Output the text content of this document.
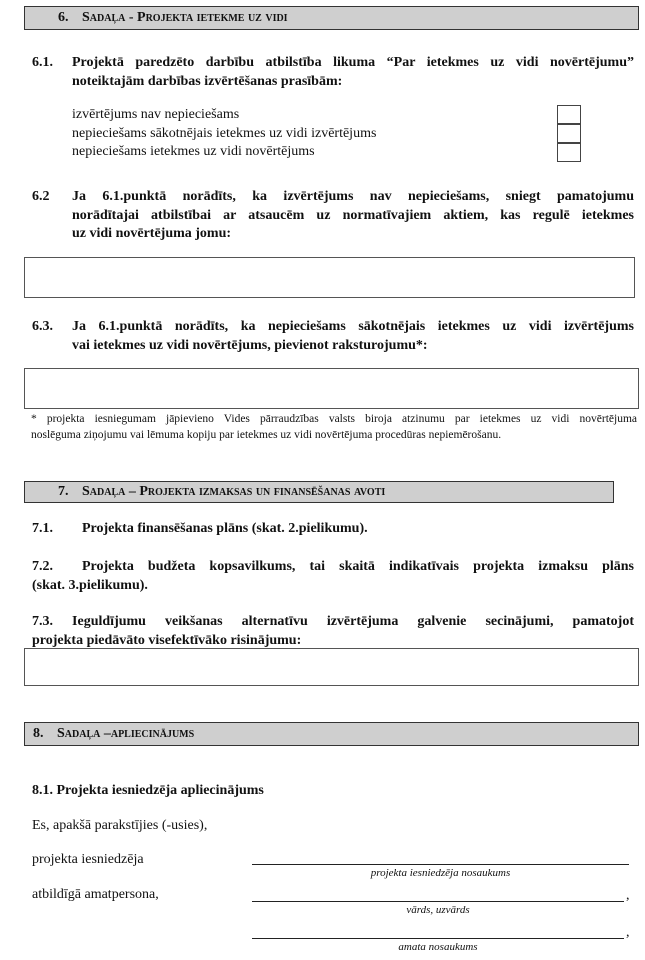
6. Sadaļa - Projekta ietekme uz vidi
6.1. Projektā paredzēto darbību atbilstība likuma “Par ietekmes uz vidi novērtējumu”
noteiktajām darbības izvērtēšanas prasībām:
izvērtējums nav nepieciešams
nepieciešams sākotnējais ietekmes uz vidi izvērtējums
nepieciešams ietekmes uz vidi novērtējums
6.2 Ja 6.1.punktā norādīts, ka izvērtējums nav nepieciešams, sniegt pamatojumu
norādītajai atbilstībai ar atsaucēm uz normatīvajiem aktiem, kas regulē ietekmes
uz vidi novērtējuma jomu:
6.3. Ja 6.1.punktā norādīts, ka nepieciešams sākotnējais ietekmes uz vidi izvērtējums
vai ietekmes uz vidi novērtējums, pievienot raksturojumu*:
* projekta iesniegumam jāpievieno Vides pārraudzības valsts biroja atzinumu par ietekmes uz vidi novērtējuma
noslēguma ziņojumu vai lēmuma kopiju par ietekmes uz vidi novērtējuma procedūras nepiemērošanu.
7. Sadaļa – Projekta izmaksas un finansēšanas avoti
7.1. Projekta finansēšanas plāns (skat. 2.pielikumu).
7.2. Projekta budžeta kopsavilkums, tai skaitā indikatīvais projekta izmaksu plāns
(skat. 3.pielikumu).
7.3. Ieguldījumu veikšanas alternatīvu izvērtējuma galvenie secinājumi, pamatojot
projekta piedāvāto visefektīvāko risinājumu:
8. Sadaļa –apliecinājums
8.1. Projekta iesniedzēja apliecinājums
Es, apakšā parakstījies (-usies),
projekta iesniedzēja
projekta iesniedzēja nosaukums
atbildīgā amatpersona,	,
vārds, uzvārds
,
amata nosaukums
